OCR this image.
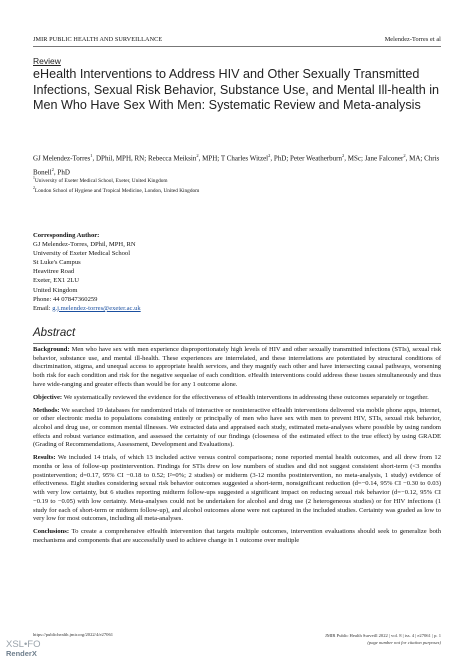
JMIR PUBLIC HEALTH AND SURVEILLANCE	Melendez-Torres et al
Review
eHealth Interventions to Address HIV and Other Sexually Transmitted Infections, Sexual Risk Behavior, Substance Use, and Mental Ill-health in Men Who Have Sex With Men: Systematic Review and Meta-analysis
GJ Melendez-Torres$^1$, DPhil, MPH, RN; Rebecca Meiksin$^2$, MPH; T Charles Witzel$^2$, PhD; Peter Weatherburn$^2$, MSc; Jane Falconer$^2$, MA; Chris Bonell$^2$, PhD
$^1$University of Exeter Medical School, Exeter, United Kingdom
$^2$London School of Hygiene and Tropical Medicine, London, United Kingdom
Corresponding Author:
GJ Melendez-Torres, DPhil, MPH, RN
University of Exeter Medical School
St Luke's Campus
Heavitree Road
Exeter, EX1 2LU
United Kingdom
Phone: 44 07847360259
Email: g.j.melendez-torres@exeter.ac.uk
Abstract

Background: Men who have sex with men experience disproportionately high levels of HIV and other sexually transmitted infections (STIs), sexual risk behavior, substance use, and mental ill-health. These experiences are interrelated, and these interrelations are potentiated by structural conditions of discrimination, stigma, and unequal access to appropriate health services, and they magnify each other and have intersecting causal pathways, worsening both risk for each condition and risk for the negative sequelae of each condition. eHealth interventions could address these issues simultaneously and thus have wide-ranging and greater effects than would be for any 1 outcome alone.

Objective: We systematically reviewed the evidence for the effectiveness of eHealth interventions in addressing these outcomes separately or together.

Methods: We searched 19 databases for randomized trials of interactive or noninteractive eHealth interventions delivered via mobile phone apps, internet, or other electronic media to populations consisting entirely or principally of men who have sex with men to prevent HIV, STIs, sexual risk behavior, alcohol and drug use, or common mental illnesses. We extracted data and appraised each study, estimated meta-analyses where possible by using random effects and robust variance estimation, and assessed the certainty of our findings (closeness of the estimated effect to the true effect) by using GRADE (Grading of Recommendations, Assessment, Development and Evaluations).

Results: We included 14 trials, of which 13 included active versus control comparisons; none reported mental health outcomes, and all drew from 12 months or less of follow-up postintervention. Findings for STIs drew on low numbers of studies and did not suggest consistent short-term (<3 months postintervention; d=0.17, 95% CI −0.18 to 0.52; I²=0%; 2 studies) or midterm (3-12 months postintervention, no meta-analysis, 1 study) evidence of effectiveness. Eight studies considering sexual risk behavior outcomes suggested a short-term, nonsignificant reduction (d=−0.14, 95% CI −0.30 to 0.03) with very low certainty, but 6 studies reporting midterm follow-ups suggested a significant impact on reducing sexual risk behavior (d=−0.12, 95% CI −0.19 to −0.05) with low certainty. Meta-analyses could not be undertaken for alcohol and drug use (2 heterogeneous studies) or for HIV infections (1 study for each of short-term or midterm follow-up), and alcohol outcomes alone were not captured in the included studies. Certainty was graded as low to very low for most outcomes, including all meta-analyses.

Conclusions: To create a comprehensive eHealth intervention that targets multiple outcomes, intervention evaluations should seek to generalize both mechanisms and components that are successfully used to achieve change in 1 outcome over multiple

https://publichealth.jmir.org/2022/4/e27061	JMIR Public Health Surveill 2022 | vol. 8 | iss. 4 | e27061 | p. 1
(page number not for citation purposes)
XSL•FO
RenderX
